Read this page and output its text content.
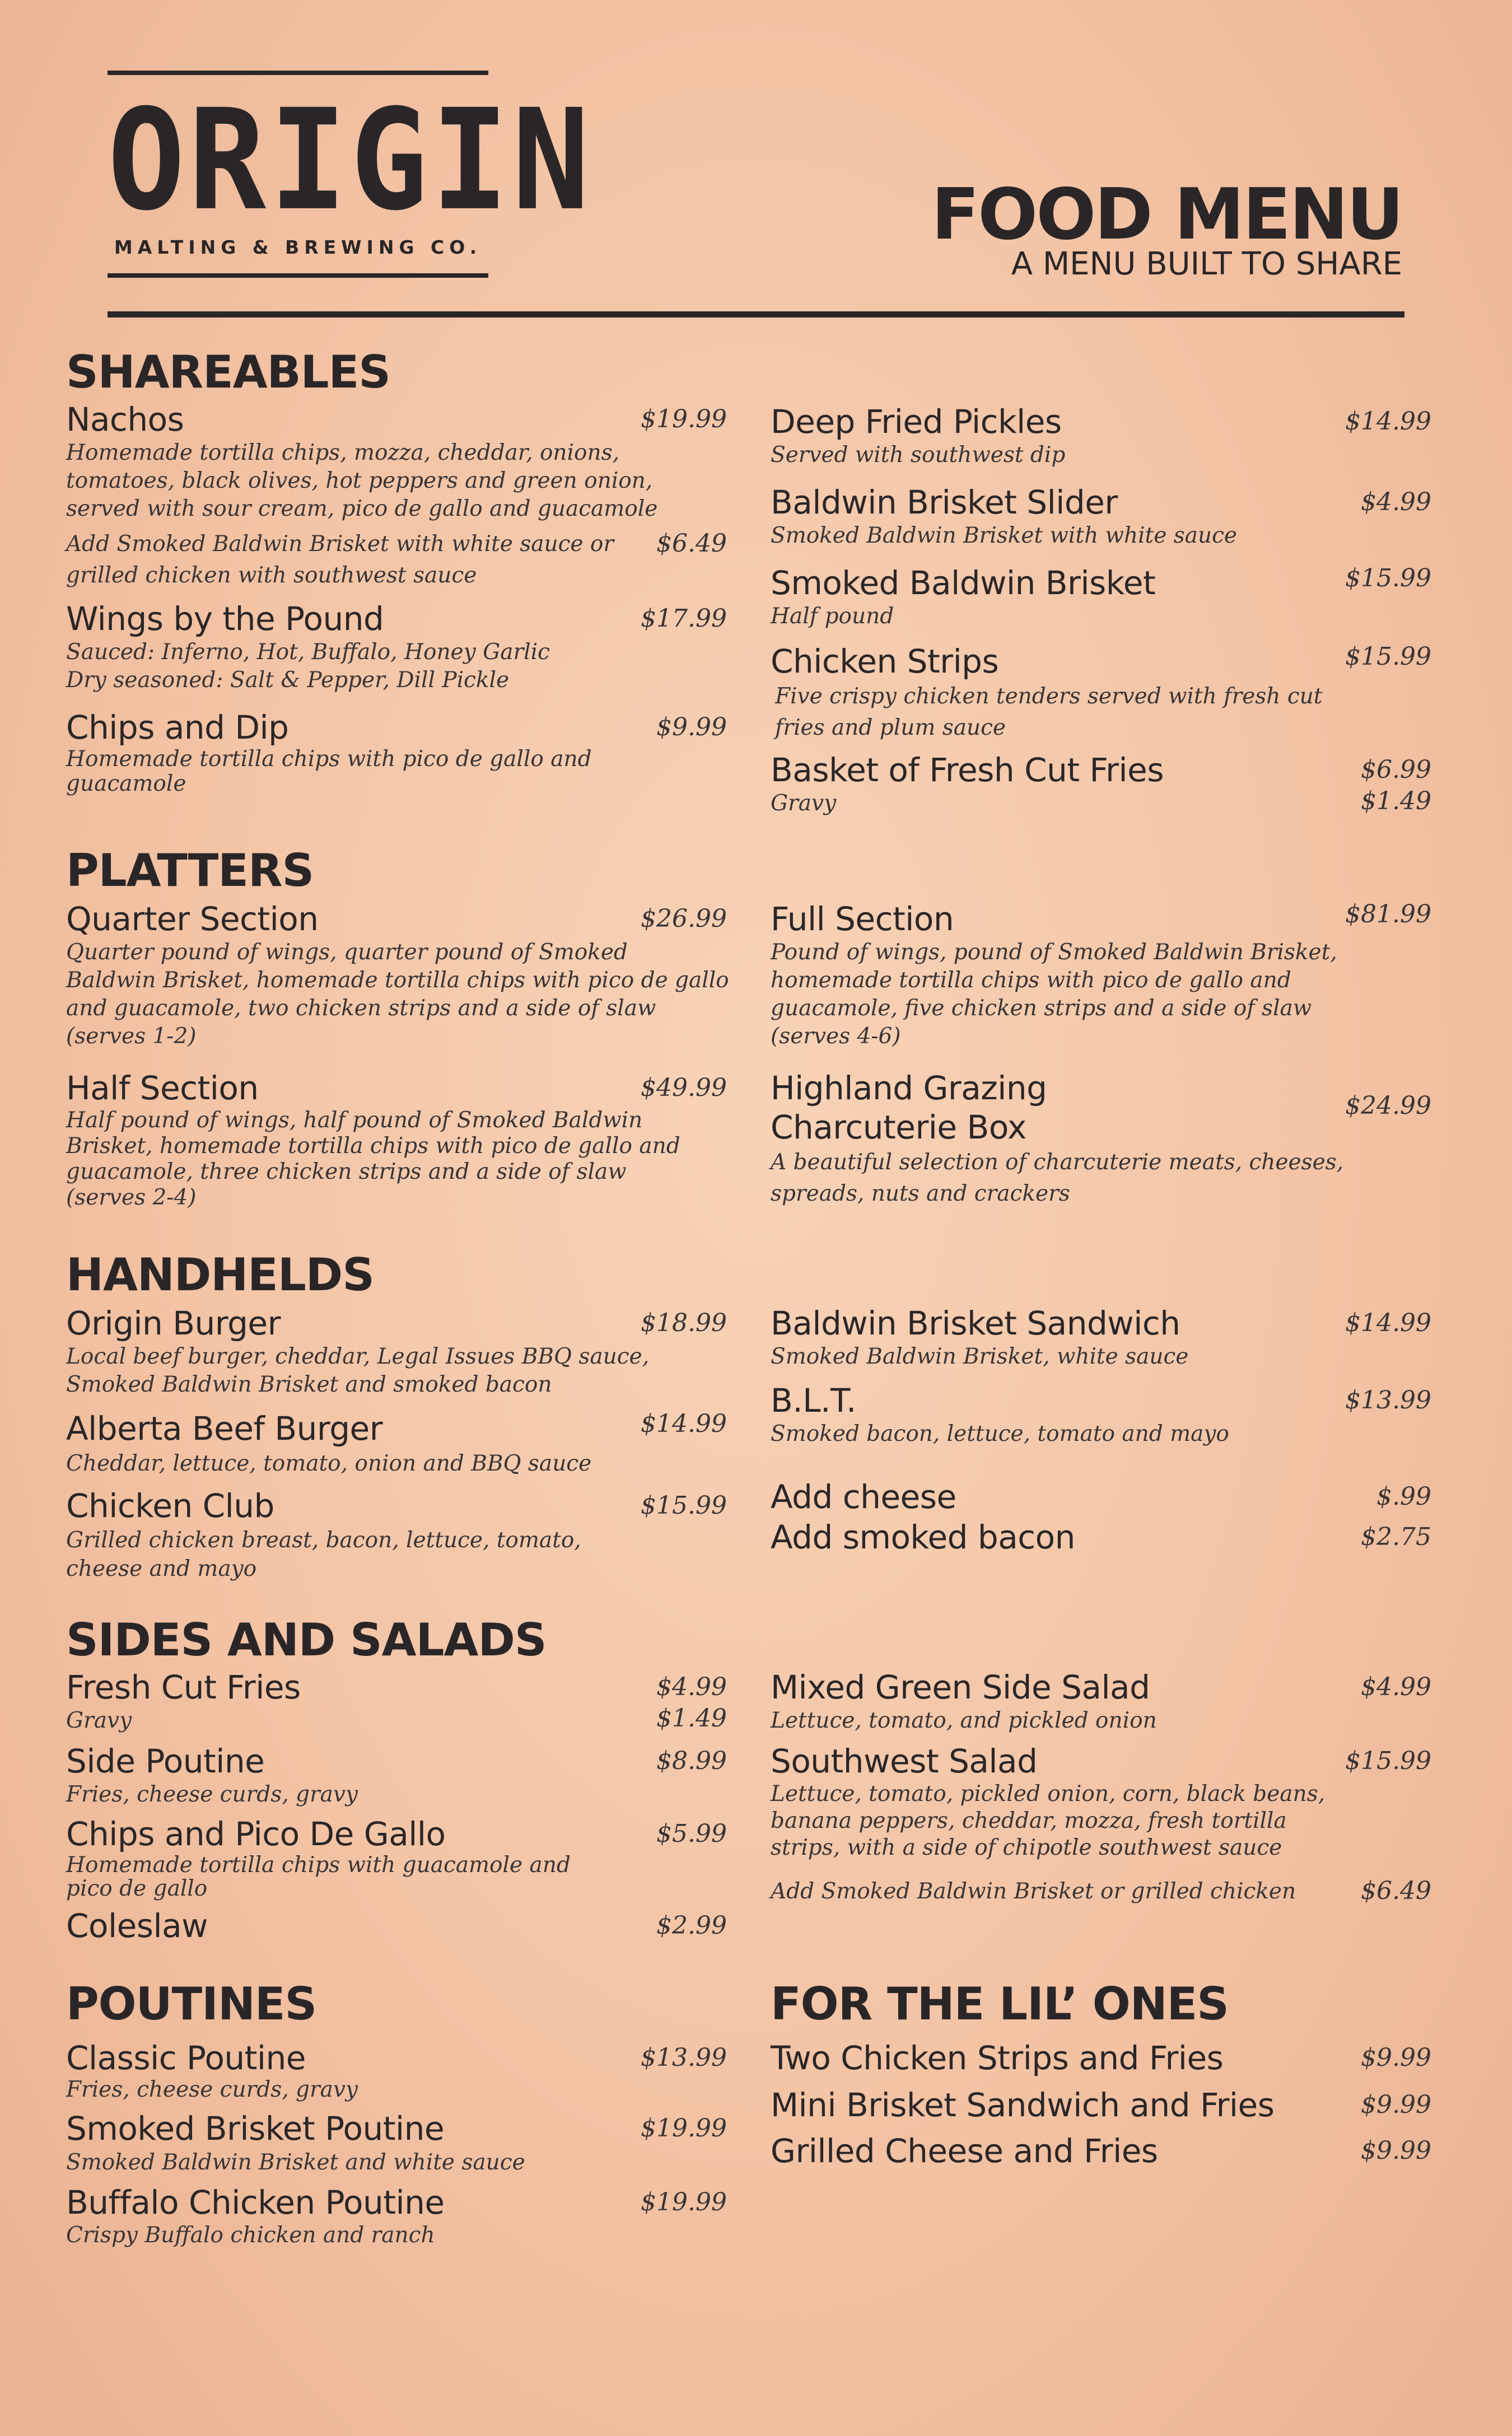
ORIGIN
MALTING & BREWING CO.	FOOD MENU
A MENU BUILT TO SHARE
SHAREABLES
Nachos
Homemade tortilla chips, mozza, cheddar, onions,
tomatoes, black olives, hot peppers and green onion,
served with sour cream, pico de gallo and guacamole
$19.99
Add Smoked Baldwin Brisket with white sauce or
grilled chicken with southwest sauce
$6.49
Wings by the Pound
Sauced: Inferno, Hot, Buffalo, Honey Garlic
Dry seasoned: Salt & Pepper, Dill Pickle
$17.99
Chips and Dip
Homemade tortilla chips with pico de gallo and
guacamole
$9.99
Deep Fried Pickles
Served with southwest dip
$14.99
Baldwin Brisket Slider
Smoked Baldwin Brisket with white sauce
$4.99
Smoked Baldwin Brisket
Half pound
$15.99
Chicken Strips
Five crispy chicken tenders served with fresh cut
fries and plum sauce
$15.99
Basket of Fresh Cut Fries
Gravy
$6.99
$1.49
PLATTERS
Quarter Section
Quarter pound of wings, quarter pound of Smoked
Baldwin Brisket, homemade tortilla chips with pico de gallo
and guacamole, two chicken strips and a side of slaw
(serves 1-2)
$26.99
Half Section
Half pound of wings, half pound of Smoked Baldwin
Brisket, homemade tortilla chips with pico de gallo and
guacamole, three chicken strips and a side of slaw
(serves 2-4)
$49.99
Full Section
Pound of wings, pound of Smoked Baldwin Brisket,
homemade tortilla chips with pico de gallo and
guacamole, five chicken strips and a side of slaw
(serves 4-6)
$81.99
Highland Grazing
Charcuterie Box
A beautiful selection of charcuterie meats, cheeses,
spreads, nuts and crackers
$24.99
HANDHELDS
Origin Burger
Local beef burger, cheddar, Legal Issues BBQ sauce,
Smoked Baldwin Brisket and smoked bacon
$18.99
Alberta Beef Burger
Cheddar, lettuce, tomato, onion and BBQ sauce
$14.99
Chicken Club
Grilled chicken breast, bacon, lettuce, tomato,
cheese and mayo
$15.99
Baldwin Brisket Sandwich
Smoked Baldwin Brisket, white sauce
$14.99
B.L.T.
Smoked bacon, lettuce, tomato and mayo
$13.99
Add cheese	$.99
Add smoked bacon	$2.75
SIDES AND SALADS
Fresh Cut Fries
Gravy
$4.99
$1.49
Side Poutine
Fries, cheese curds, gravy
$8.99
Chips and Pico De Gallo
Homemade tortilla chips with guacamole and
pico de gallo
$5.99
Coleslaw	$2.99
Mixed Green Side Salad
Lettuce, tomato, and pickled onion
$4.99
Southwest Salad
Lettuce, tomato, pickled onion, corn, black beans,
banana peppers, cheddar, mozza, fresh tortilla
strips, with a side of chipotle southwest sauce
$15.99
Add Smoked Baldwin Brisket or grilled chicken	$6.49
POUTINES
Classic Poutine
Fries, cheese curds, gravy
$13.99
Smoked Brisket Poutine
Smoked Baldwin Brisket and white sauce
$19.99
Buffalo Chicken Poutine
Crispy Buffalo chicken and ranch
$19.99
FOR THE LIL’ ONES
Two Chicken Strips and Fries	$9.99
Mini Brisket Sandwich and Fries	$9.99
Grilled Cheese and Fries	$9.99
